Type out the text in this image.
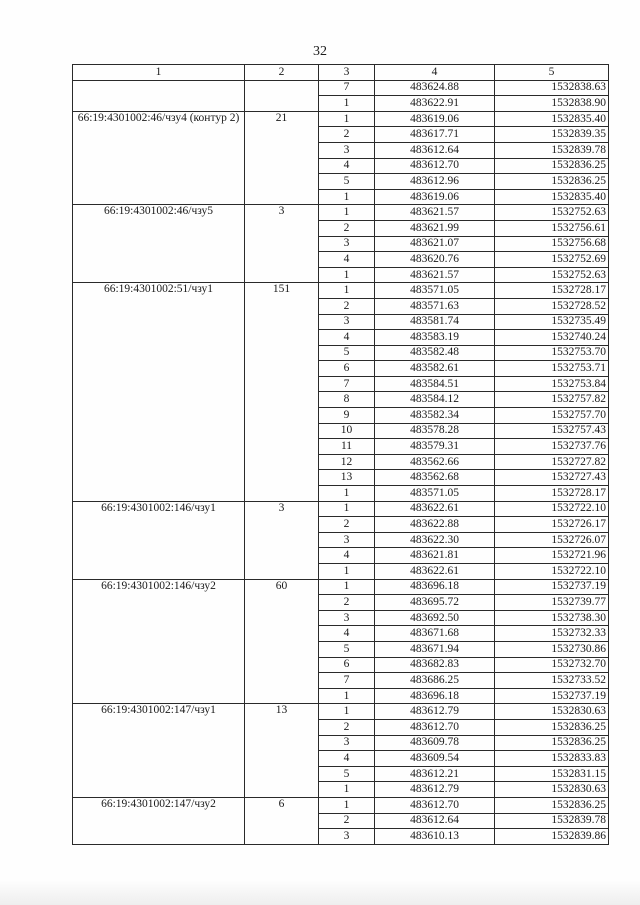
32
1	2	3	4	5
		7	483624.88	1532838.63
		1	483622.91	1532838.90
66:19:4301002:46/чзу4 (контур 2)	21	1	483619.06	1532835.40
		2	483617.71	1532839.35
		3	483612.64	1532839.78
		4	483612.70	1532836.25
		5	483612.96	1532836.25
		1	483619.06	1532835.40
66:19:4301002:46/чзу5	3	1	483621.57	1532752.63
		2	483621.99	1532756.61
		3	483621.07	1532756.68
		4	483620.76	1532752.69
		1	483621.57	1532752.63
66:19:4301002:51/чзу1	151	1	483571.05	1532728.17
		2	483571.63	1532728.52
		3	483581.74	1532735.49
		4	483583.19	1532740.24
		5	483582.48	1532753.70
		6	483582.61	1532753.71
		7	483584.51	1532753.84
		8	483584.12	1532757.82
		9	483582.34	1532757.70
		10	483578.28	1532757.43
		11	483579.31	1532737.76
		12	483562.66	1532727.82
		13	483562.68	1532727.43
		1	483571.05	1532728.17
66:19:4301002:146/чзу1	3	1	483622.61	1532722.10
		2	483622.88	1532726.17
		3	483622.30	1532726.07
		4	483621.81	1532721.96
		1	483622.61	1532722.10
66:19:4301002:146/чзу2	60	1	483696.18	1532737.19
		2	483695.72	1532739.77
		3	483692.50	1532738.30
		4	483671.68	1532732.33
		5	483671.94	1532730.86
		6	483682.83	1532732.70
		7	483686.25	1532733.52
		1	483696.18	1532737.19
66:19:4301002:147/чзу1	13	1	483612.79	1532830.63
		2	483612.70	1532836.25
		3	483609.78	1532836.25
		4	483609.54	1532833.83
		5	483612.21	1532831.15
		1	483612.79	1532830.63
66:19:4301002:147/чзу2	6	1	483612.70	1532836.25
		2	483612.64	1532839.78
		3	483610.13	1532839.86
